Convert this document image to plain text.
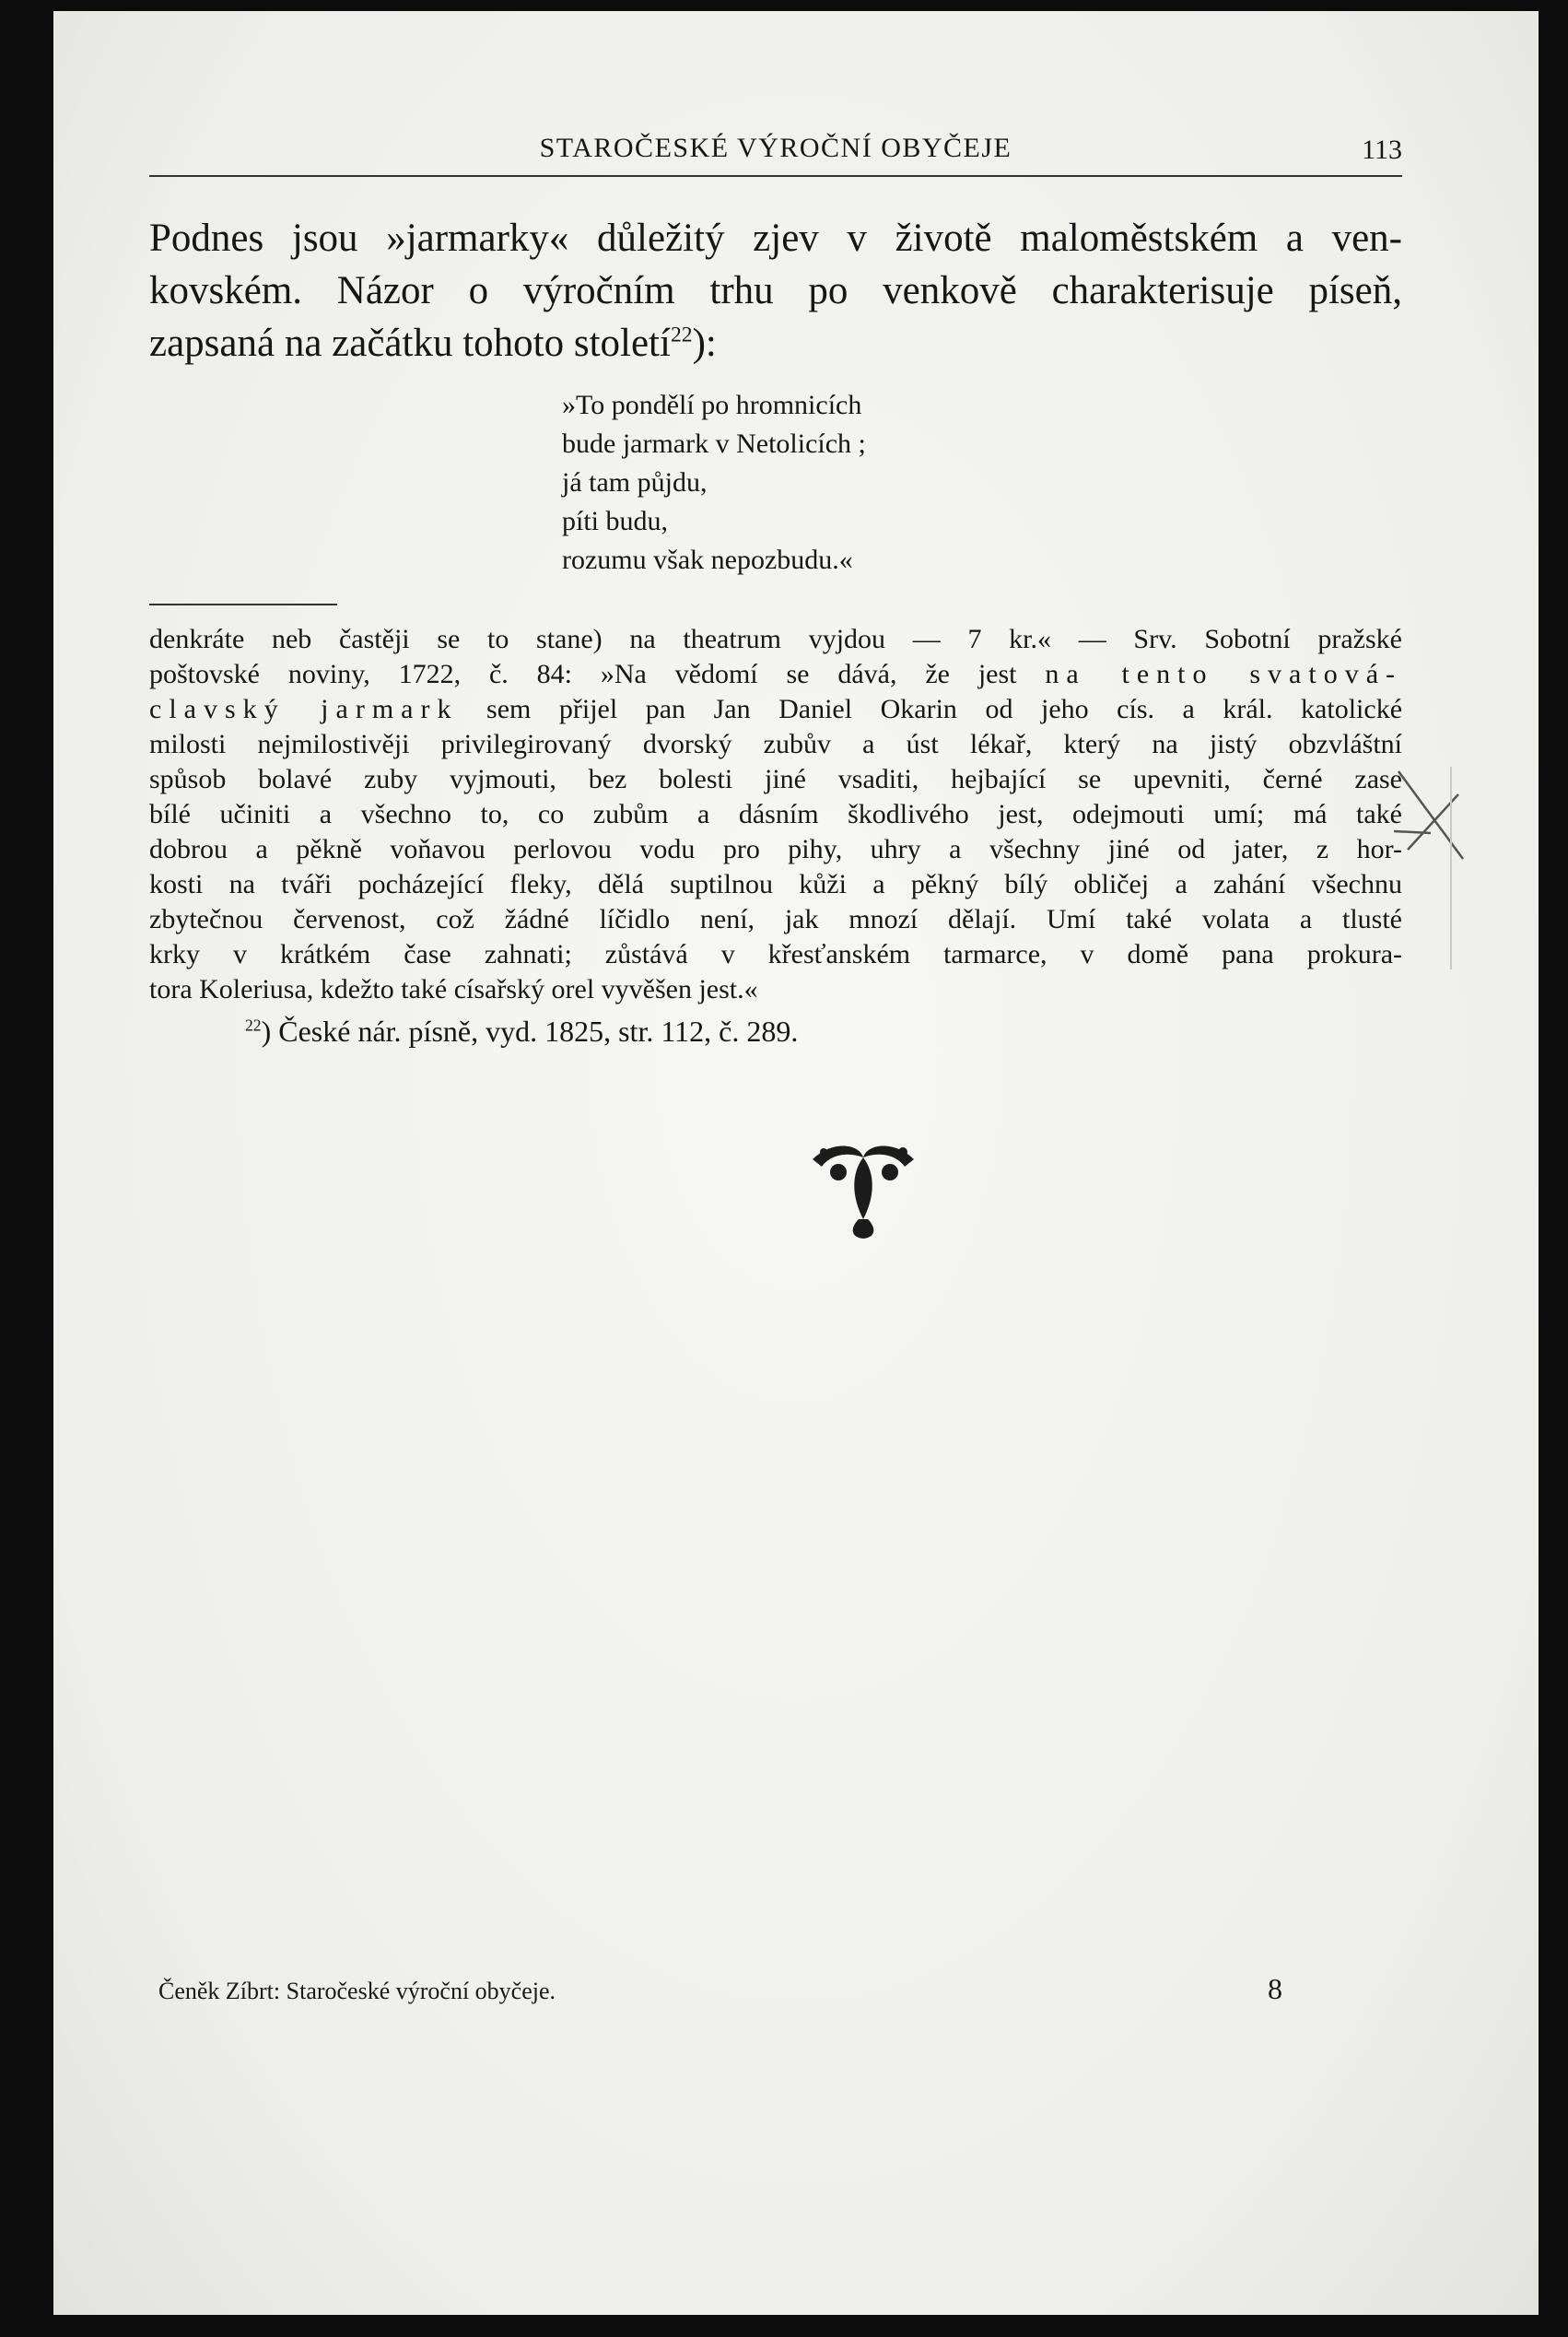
STAROČESKÉ VÝROČNÍ OBYČEJE	113
Podnes jsou »jarmarky« důležitý zjev v životě maloměstském a ven-
kovském. Názor o výročním trhu po venkově charakterisuje píseň,
zapsaná na začátku tohoto století$^{22}$):
»To pondělí po hromnicích
bude jarmark v Netolicích ;
já tam půjdu,
píti budu,
rozumu však nepozbudu.«
denkráte neb častěji se to stane) na theatrum vyjdou — 7 kr.« — Srv. Sobotní pražské
poštovské noviny, 1722, č. 84: »Na vědomí se dává, že jest na tento svatová-
clavský jarmark sem přijel pan Jan Daniel Okarin od jeho cís. a král. katolické
milosti nejmilostivěji privilegirovaný dvorský zubův a úst lékař, který na jistý obzvláštní
spůsob bolavé zuby vyjmouti, bez bolesti jiné vsaditi, hejbající se upevniti, černé zase
bílé učiniti a všechno to, co zubům a dásním škodlivého jest, odejmouti umí; má také
dobrou a pěkně voňavou perlovou vodu pro pihy, uhry a všechny jiné od jater, z hor-
kosti na tváři pocházející fleky, dělá suptilnou kůži a pěkný bílý obličej a zahání všechnu
zbytečnou červenost, což žádné líčidlo není, jak mnozí dělají. Umí také volata a tlusté
krky v krátkém čase zahnati; zůstává v křesťanském tarmarce, v domě pana prokura-
tora Koleriusa, kdežto také císařský orel vyvěšen jest.«
$^{22}$) České nár. písně, vyd. 1825, str. 112, č. 289.
Čeněk Zíbrt: Staročeské výroční obyčeje.	8
